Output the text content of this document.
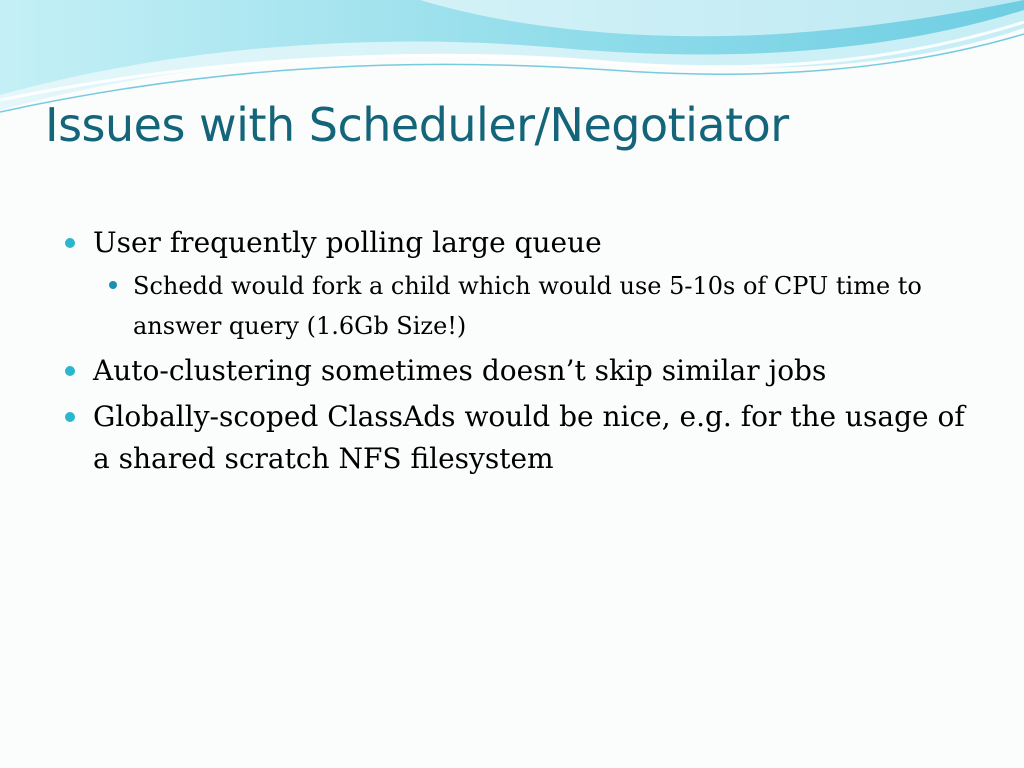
Issues with Scheduler/Negotiator
User frequently polling large queue
Schedd would fork a child which would use 5-10s of CPU time to answer query (1.6Gb Size!)
Auto-clustering sometimes doesn’t skip similar jobs
Globally-scoped ClassAds would be nice, e.g. for the usage of a shared scratch NFS filesystem
